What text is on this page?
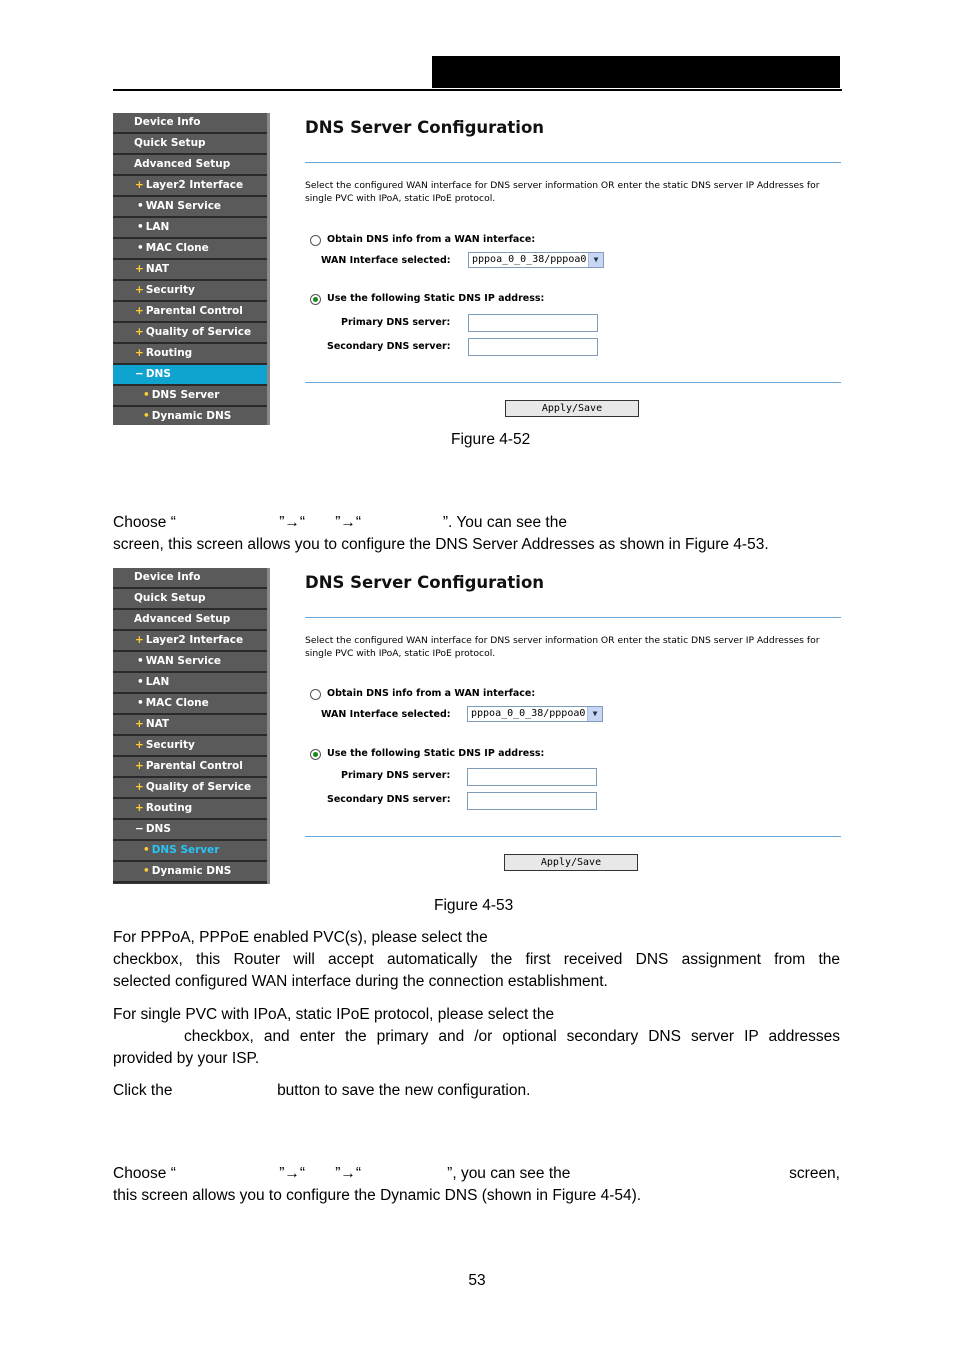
Device Info
Quick Setup
Advanced Setup
+ Layer2 Interface
• WAN Service
• LAN
• MAC Clone
+ NAT
+ Security
+ Parental Control
+ Quality of Service
+ Routing
− DNS
• DNS Server
• Dynamic DNS
DNS Server Configuration
Select the configured WAN interface for DNS server information OR enter the static DNS server IP Addresses for single PVC with IPoA, static IPoE protocol.
Obtain DNS info from a WAN interface:
WAN Interface selected:	pppoa_0_0_38/pppoa0 ▼
Use the following Static DNS IP address:
Primary DNS server:
Secondary DNS server:
Apply/Save
Figure 4-52
Choose “                        ”→“       ”→“                   ”. You can see the
screen, this screen allows you to configure the DNS Server Addresses as shown in Figure 4-53.
Device Info
Quick Setup
Advanced Setup
+ Layer2 Interface
• WAN Service
• LAN
• MAC Clone
+ NAT
+ Security
+ Parental Control
+ Quality of Service
+ Routing
− DNS
• DNS Server
• Dynamic DNS
DNS Server Configuration
Select the configured WAN interface for DNS server information OR enter the static DNS server IP Addresses for single PVC with IPoA, static IPoE protocol.
Obtain DNS info from a WAN interface:
WAN Interface selected:	pppoa_0_0_38/pppoa0 ▼
Use the following Static DNS IP address:
Primary DNS server:
Secondary DNS server:
Apply/Save
Figure 4-53
For PPPoA, PPPoE enabled PVC(s), please select the
checkbox, this Router will accept automatically the first received DNS assignment from the
selected configured WAN interface during the connection establishment.
For single PVC with IPoA, static IPoE protocol, please select the
checkbox, and enter the primary and /or optional secondary DNS server IP addresses
provided by your ISP.
Click the	button to save the new configuration.
Choose “                        ”→“       ”→“                    ”, you can see the	screen,
this screen allows you to configure the Dynamic DNS (shown in Figure 4-54).
53
